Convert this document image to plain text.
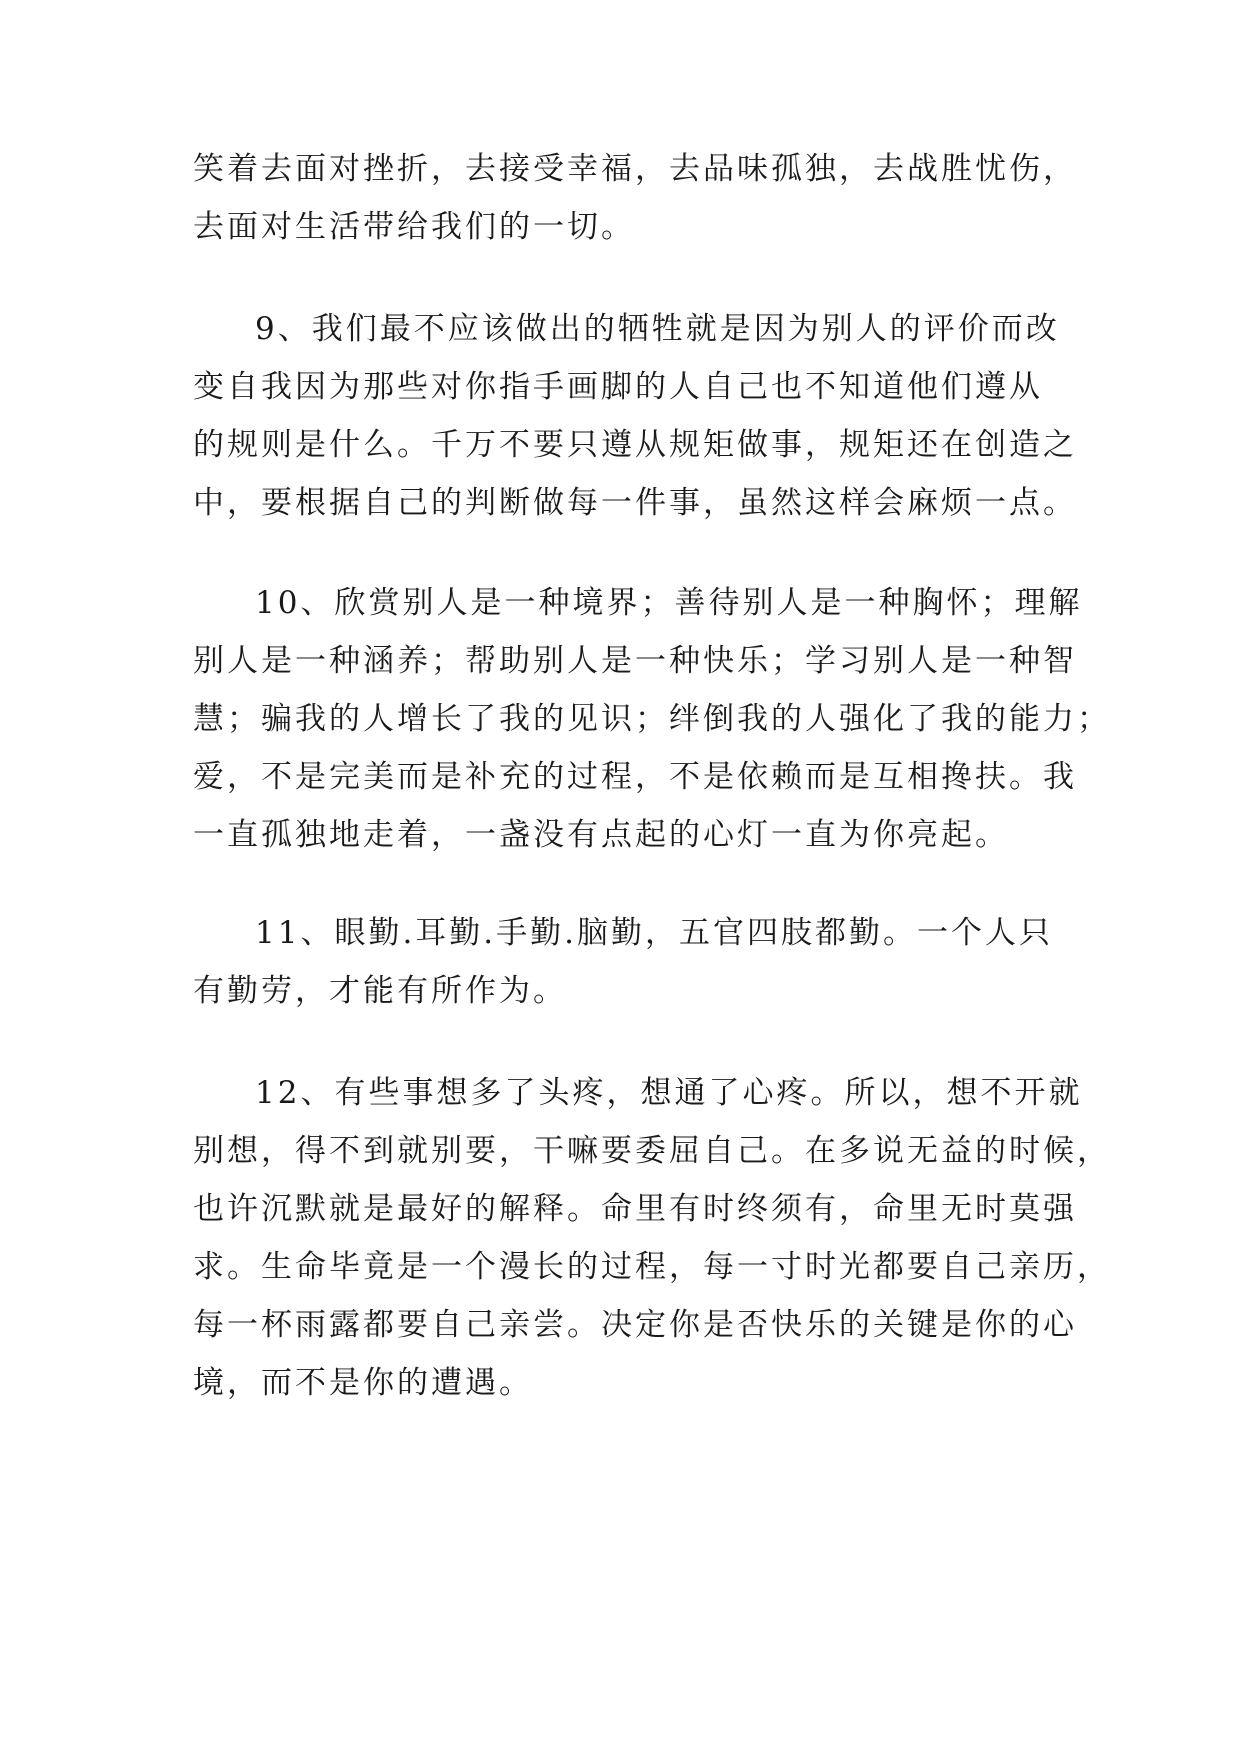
笑着去面对挫折，去接受幸福，去品味孤独，去战胜忧伤，
去面对生活带给我们的一切。

9、我们最不应该做出的牺牲就是因为别人的评价而改
变自我因为那些对你指手画脚的人自己也不知道他们遵从
的规则是什么。千万不要只遵从规矩做事，规矩还在创造之
中，要根据自己的判断做每一件事，虽然这样会麻烦一点。

10、欣赏别人是一种境界；善待别人是一种胸怀；理解
别人是一种涵养；帮助别人是一种快乐；学习别人是一种智
慧；骗我的人增长了我的见识；绊倒我的人强化了我的能力；
爱，不是完美而是补充的过程，不是依赖而是互相搀扶。我
一直孤独地走着，一盏没有点起的心灯一直为你亮起。

11、眼勤.耳勤.手勤.脑勤，五官四肢都勤。一个人只
有勤劳，才能有所作为。

12、有些事想多了头疼，想通了心疼。所以，想不开就
别想，得不到就别要，干嘛要委屈自己。在多说无益的时候，
也许沉默就是最好的解释。命里有时终须有，命里无时莫强
求。生命毕竟是一个漫长的过程，每一寸时光都要自己亲历，
每一杯雨露都要自己亲尝。决定你是否快乐的关键是你的心
境，而不是你的遭遇。
